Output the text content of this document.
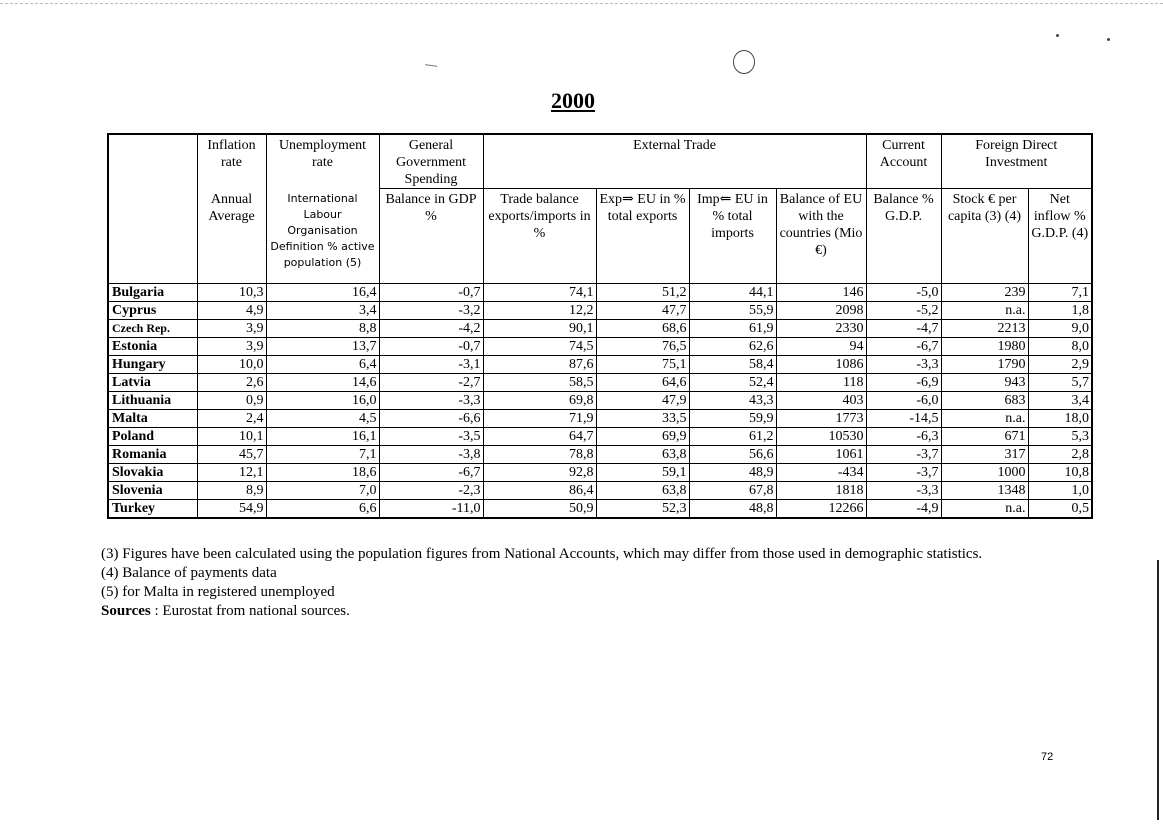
2000
	Inflation rate	Unemployment rate	General Government Spending	External Trade				Current Account	Foreign Direct Investment	
	Annual Average	International Labour Organisation Definition % active population (5)	Balance in GDP %	Trade balance exports/imports in %	Exp⇒ EU in % total exports	Imp⇐ EU in % total imports	Balance of EU with the countries (Mio €)	Balance % G.D.P.	Stock € per capita (3) (4)	Net inflow % G.D.P. (4)
Bulgaria	10,3	16,4	-0,7	74,1	51,2	44,1	146	-5,0	239	7,1
Cyprus	4,9	3,4	-3,2	12,2	47,7	55,9	2098	-5,2	n.a.	1,8
Czech Rep.	3,9	8,8	-4,2	90,1	68,6	61,9	2330	-4,7	2213	9,0
Estonia	3,9	13,7	-0,7	74,5	76,5	62,6	94	-6,7	1980	8,0
Hungary	10,0	6,4	-3,1	87,6	75,1	58,4	1086	-3,3	1790	2,9
Latvia	2,6	14,6	-2,7	58,5	64,6	52,4	118	-6,9	943	5,7
Lithuania	0,9	16,0	-3,3	69,8	47,9	43,3	403	-6,0	683	3,4
Malta	2,4	4,5	-6,6	71,9	33,5	59,9	1773	-14,5	n.a.	18,0
Poland	10,1	16,1	-3,5	64,7	69,9	61,2	10530	-6,3	671	5,3
Romania	45,7	7,1	-3,8	78,8	63,8	56,6	1061	-3,7	317	2,8
Slovakia	12,1	18,6	-6,7	92,8	59,1	48,9	-434	-3,7	1000	10,8
Slovenia	8,9	7,0	-2,3	86,4	63,8	67,8	1818	-3,3	1348	1,0
Turkey	54,9	6,6	-11,0	50,9	52,3	48,8	12266	-4,9	n.a.	0,5

(3) Figures have been calculated using the population figures from National Accounts, which may differ from those used in demographic statistics.

(4) Balance of payments data

(5) for Malta in registered unemployed

Sources : Eurostat from national sources.

72
